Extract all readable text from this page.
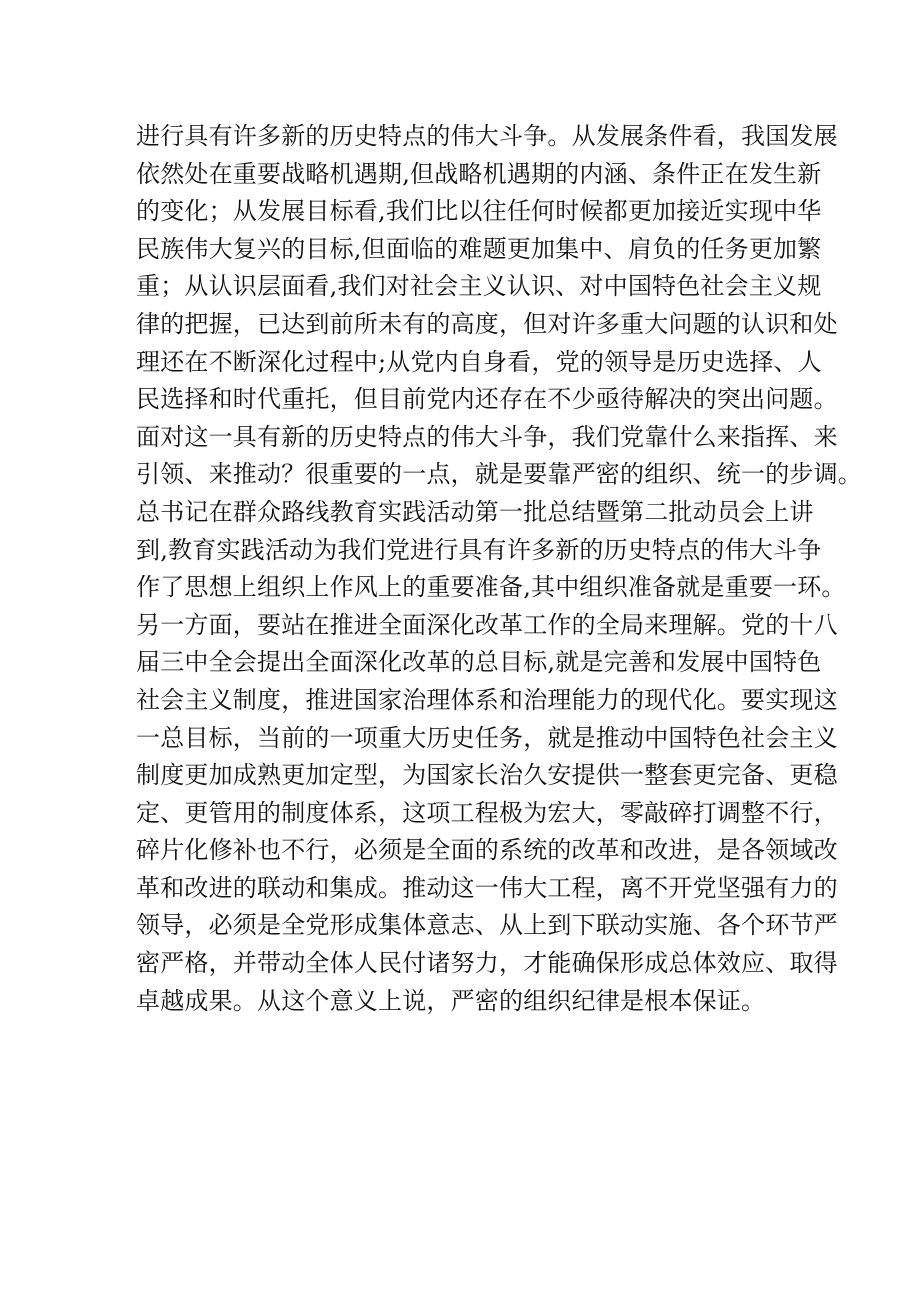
进行具有许多新的历史特点的伟大斗争。从发展条件看，我国发展
依然处在重要战略机遇期,但战略机遇期的内涵、条件正在发生新
的变化；从发展目标看,我们比以往任何时候都更加接近实现中华
民族伟大复兴的目标,但面临的难题更加集中、肩负的任务更加繁
重；从认识层面看,我们对社会主义认识、对中国特色社会主义规
律的把握，已达到前所未有的高度，但对许多重大问题的认识和处
理还在不断深化过程中;从党内自身看，党的领导是历史选择、人
民选择和时代重托，但目前党内还存在不少亟待解决的突出问题。
面对这一具有新的历史特点的伟大斗争，我们党靠什么来指挥、来
引领、来推动？很重要的一点，就是要靠严密的组织、统一的步调。
总书记在群众路线教育实践活动第一批总结暨第二批动员会上讲
到,教育实践活动为我们党进行具有许多新的历史特点的伟大斗争
作了思想上组织上作风上的重要准备,其中组织准备就是重要一环。
另一方面，要站在推进全面深化改革工作的全局来理解。党的十八
届三中全会提出全面深化改革的总目标,就是完善和发展中国特色
社会主义制度，推进国家治理体系和治理能力的现代化。要实现这
一总目标，当前的一项重大历史任务，就是推动中国特色社会主义
制度更加成熟更加定型，为国家长治久安提供一整套更完备、更稳
定、更管用的制度体系，这项工程极为宏大，零敲碎打调整不行，
碎片化修补也不行，必须是全面的系统的改革和改进，是各领域改
革和改进的联动和集成。推动这一伟大工程，离不开党坚强有力的
领导，必须是全党形成集体意志、从上到下联动实施、各个环节严
密严格，并带动全体人民付诸努力，才能确保形成总体效应、取得
卓越成果。从这个意义上说，严密的组织纪律是根本保证。
